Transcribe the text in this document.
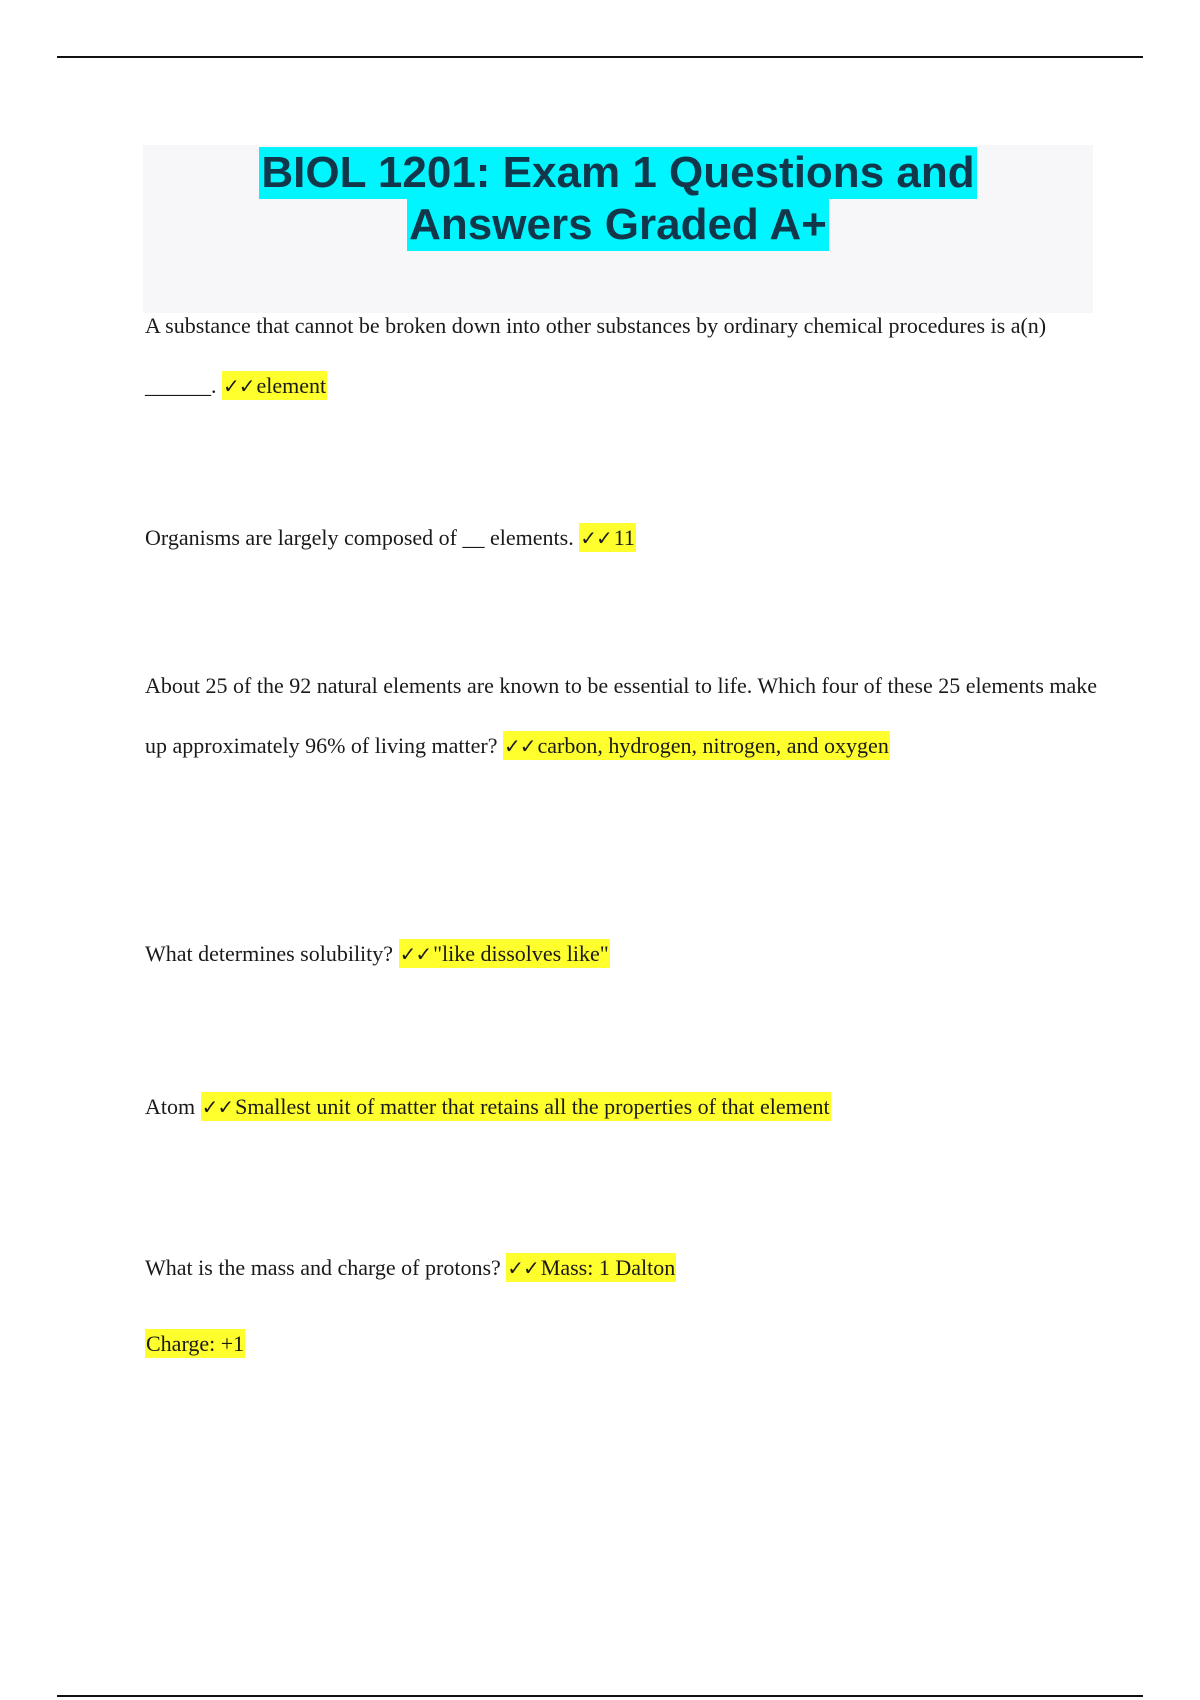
BIOL 1201: Exam 1 Questions and
Answers Graded A+

A substance that cannot be broken down into other substances by ordinary chemical procedures is a(n) ______. ✓✓element

Organisms are largely composed of __ elements. ✓✓11

About 25 of the 92 natural elements are known to be essential to life. Which four of these 25 elements make up approximately 96% of living matter? ✓✓carbon, hydrogen, nitrogen, and oxygen

What determines solubility? ✓✓"like dissolves like"

Atom ✓✓Smallest unit of matter that retains all the properties of that element

What is the mass and charge of protons? ✓✓Mass: 1 Dalton
Charge: +1
